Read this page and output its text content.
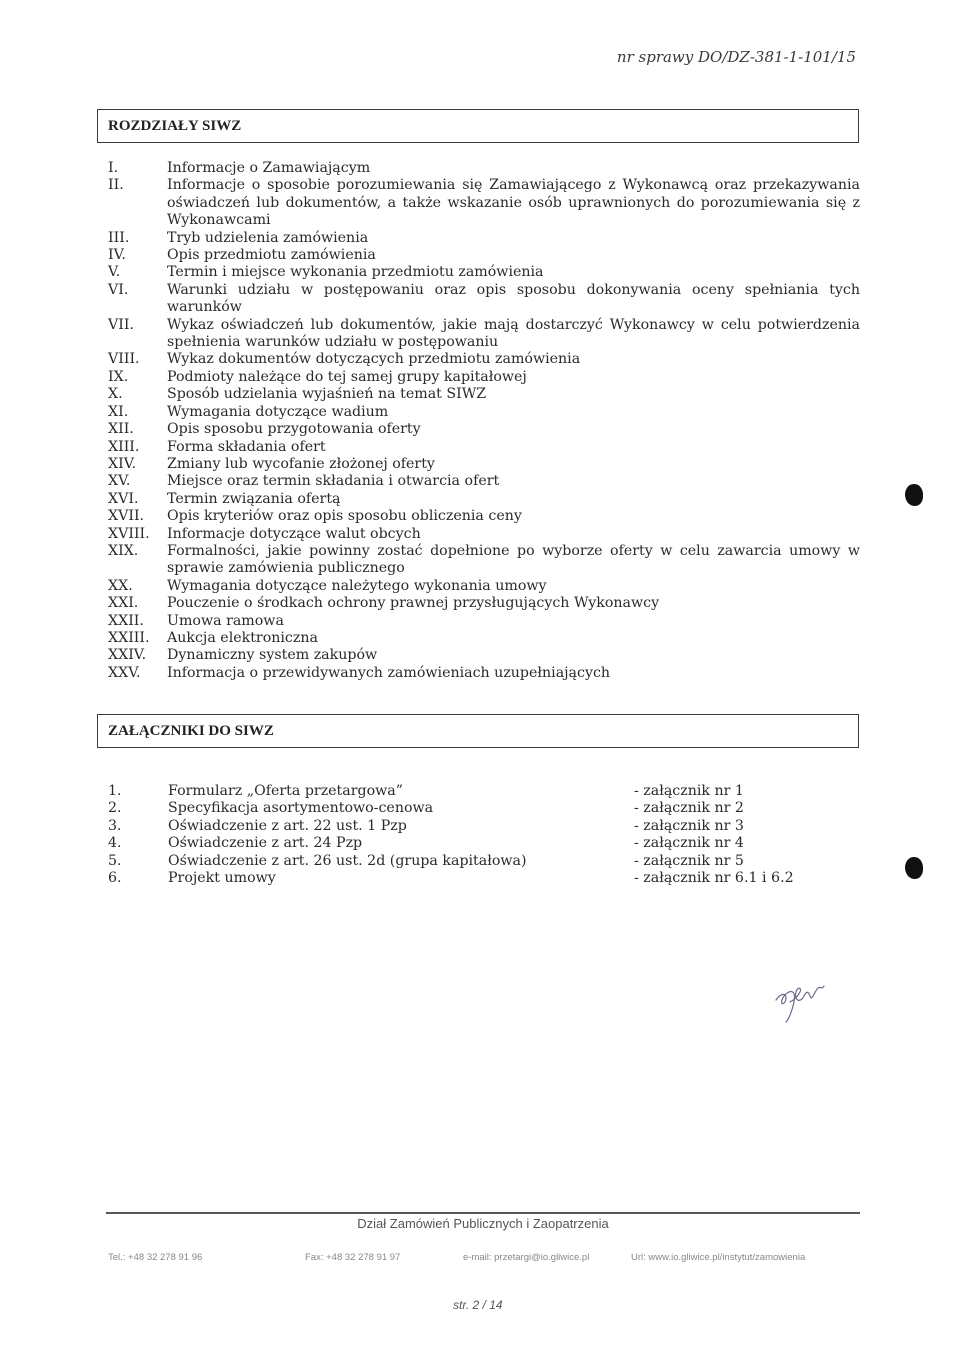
nr sprawy DO/DZ-381-1-101/15
ROZDZIAŁY SIWZ
I.	Informacje o Zamawiającym
II.	Informacje o sposobie porozumiewania się Zamawiającego z Wykonawcą oraz przekazywania oświadczeń lub dokumentów, a także wskazanie osób uprawnionych do porozumiewania się z Wykonawcami
III.	Tryb udzielenia zamówienia
IV.	Opis przedmiotu zamówienia
V.	Termin i miejsce wykonania przedmiotu zamówienia
VI.	Warunki udziału w postępowaniu oraz opis sposobu dokonywania oceny spełniania tych warunków
VII.	Wykaz oświadczeń lub dokumentów, jakie mają dostarczyć Wykonawcy w celu potwierdzenia spełnienia warunków udziału w postępowaniu
VIII.	Wykaz dokumentów dotyczących przedmiotu zamówienia
IX.	Podmioty należące do tej samej grupy kapitałowej
X.	Sposób udzielania wyjaśnień na temat SIWZ
XI.	Wymagania dotyczące wadium
XII.	Opis sposobu przygotowania oferty
XIII.	Forma składania ofert
XIV.	Zmiany lub wycofanie złożonej oferty
XV.	Miejsce oraz termin składania i otwarcia ofert
XVI.	Termin związania ofertą
XVII.	Opis kryteriów oraz opis sposobu obliczenia ceny
XVIII.	Informacje dotyczące walut obcych
XIX.	Formalności, jakie powinny zostać dopełnione po wyborze oferty w celu zawarcia umowy w sprawie zamówienia publicznego
XX.	Wymagania dotyczące należytego wykonania umowy
XXI.	Pouczenie o środkach ochrony prawnej przysługujących Wykonawcy
XXII.	Umowa ramowa
XXIII.	Aukcja elektroniczna
XXIV.	Dynamiczny system zakupów
XXV.	Informacja o przewidywanych zamówieniach uzupełniających
ZAŁĄCZNIKI DO SIWZ
1.	Formularz „Oferta przetargowa”	- załącznik nr 1
2.	Specyfikacja asortymentowo-cenowa	- załącznik nr 2
3.	Oświadczenie z art. 22 ust. 1 Pzp	- załącznik nr 3
4.	Oświadczenie z art. 24 Pzp	- załącznik nr 4
5.	Oświadczenie z art. 26 ust. 2d (grupa kapitałowa)	- załącznik nr 5
6.	Projekt umowy	- załącznik nr 6.1 i 6.2
Dział Zamówień Publicznych i Zaopatrzenia
Tel.: +48 32 278 91 96	Fax: +48 32 278 91 97	e-mail: przetargi@io.gliwice.pl	Url: www.io.gliwice.pl/instytut/zamowienia
str. 2 / 14
